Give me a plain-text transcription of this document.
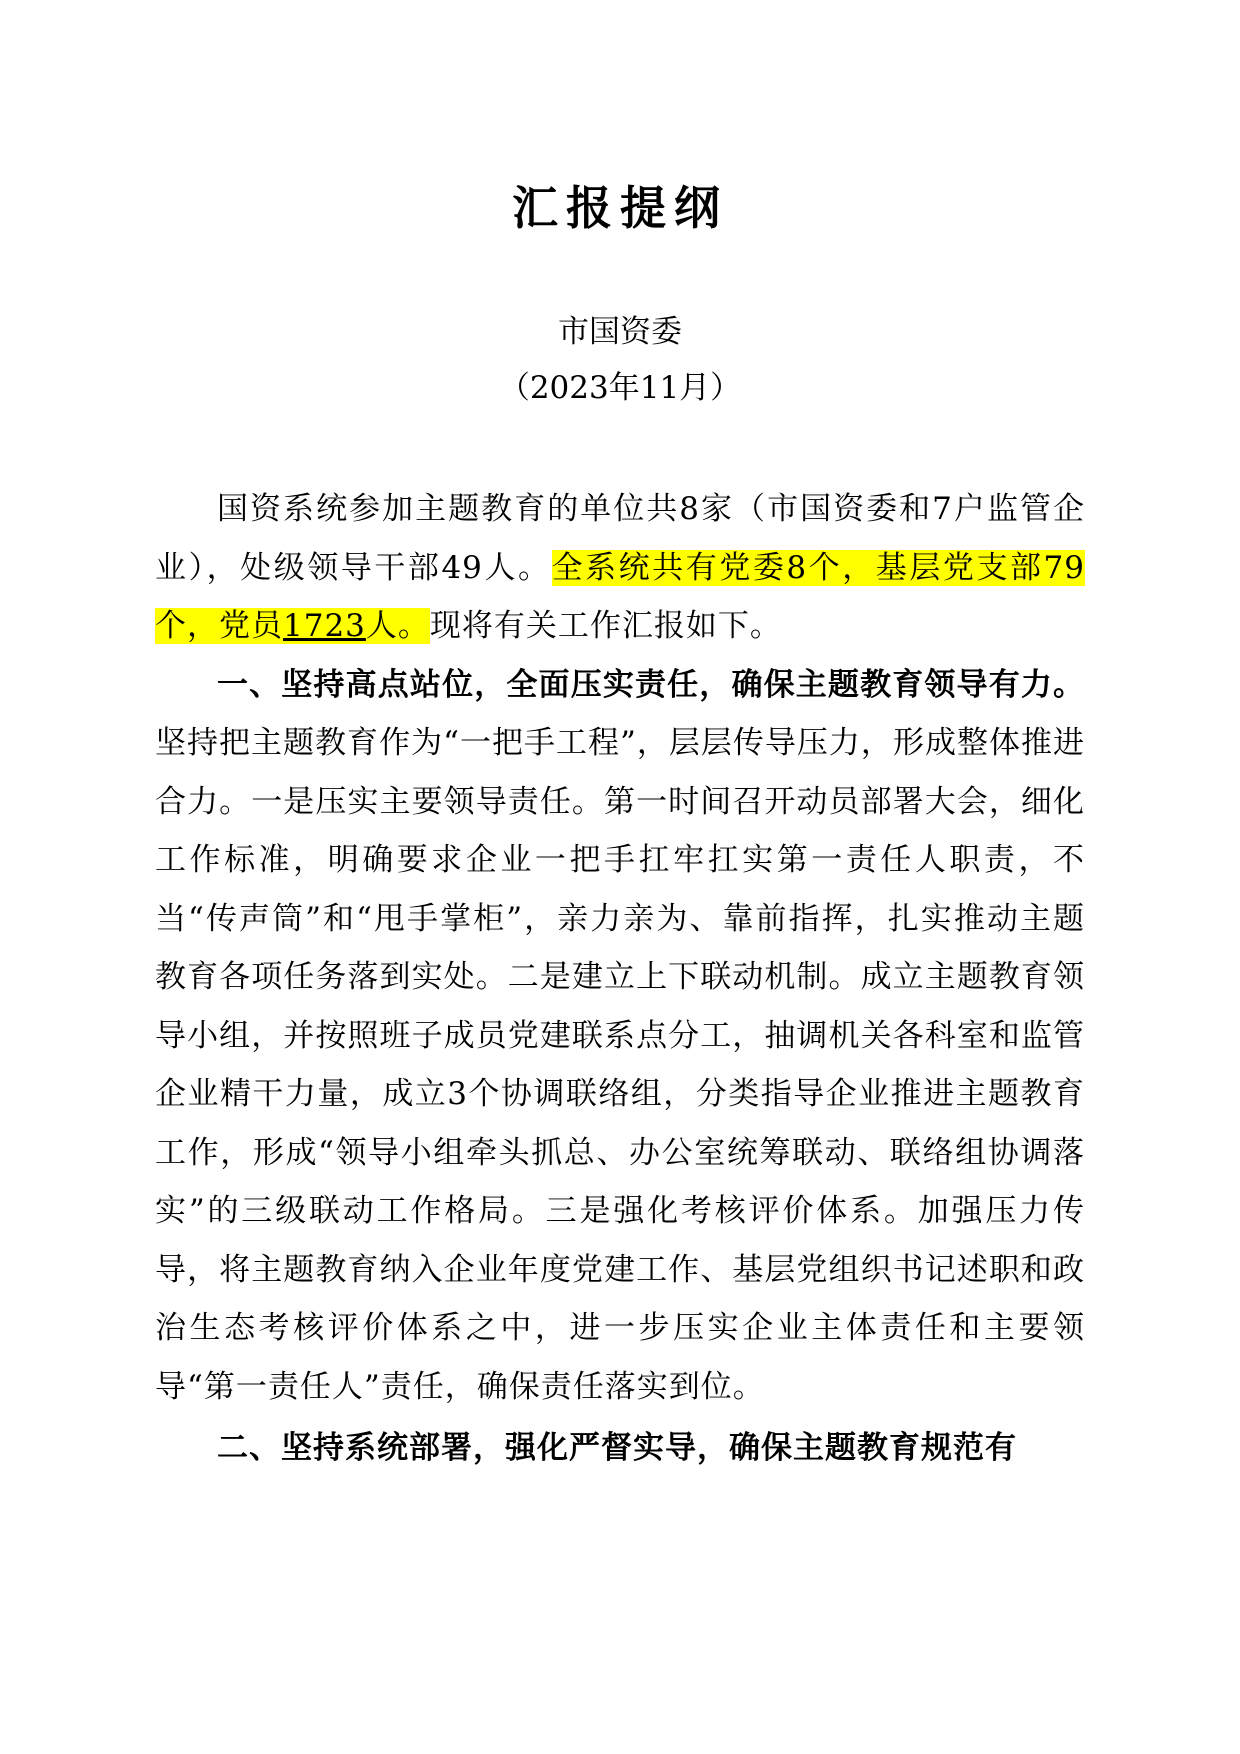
汇报提纲
市国资委
（2023年11月）

国资系统参加主题教育的单位共8家（市国资委和7户监管企业），处级领导干部49人。全系统共有党委8个，基层党支部79个，党员1723人。现将有关工作汇报如下。

一、坚持高点站位，全面压实责任，确保主题教育领导有力。坚持把主题教育作为“一把手工程”，层层传导压力，形成整体推进合力。一是压实主要领导责任。第一时间召开动员部署大会，细化工作标准，明确要求企业一把手扛牢扛实第一责任人职责，不当“传声筒”和“甩手掌柜”，亲力亲为、靠前指挥，扎实推动主题教育各项任务落到实处。二是建立上下联动机制。成立主题教育领导小组，并按照班子成员党建联系点分工，抽调机关各科室和监管企业精干力量，成立3个协调联络组，分类指导企业推进主题教育工作，形成“领导小组牵头抓总、办公室统筹联动、联络组协调落实”的三级联动工作格局。三是强化考核评价体系。加强压力传导，将主题教育纳入企业年度党建工作、基层党组织书记述职和政治生态考核评价体系之中，进一步压实企业主体责任和主要领导“第一责任人”责任，确保责任落实到位。

二、坚持系统部署，强化严督实导，确保主题教育规范有
